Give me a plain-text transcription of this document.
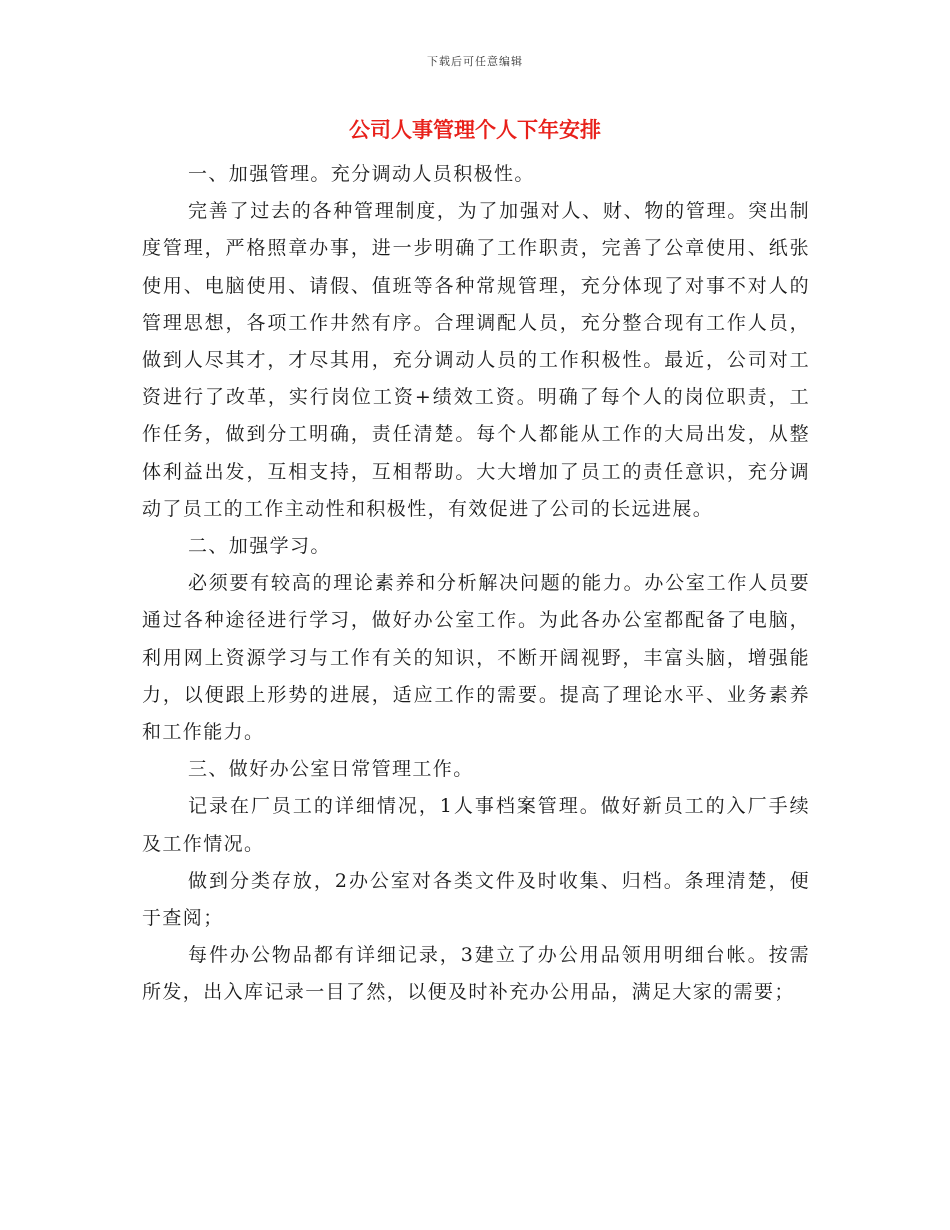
下载后可任意编辑
公司人事管理个人下年安排

一、加强管理。充分调动人员积极性。

完善了过去的各种管理制度，为了加强对人、财、物的管理。突出制度管理，严格照章办事，进一步明确了工作职责，完善了公章使用、纸张使用、电脑使用、请假、值班等各种常规管理，充分体现了对事不对人的管理思想，各项工作井然有序。合理调配人员，充分整合现有工作人员，做到人尽其才，才尽其用，充分调动人员的工作积极性。最近，公司对工资进行了改革，实行岗位工资+绩效工资。明确了每个人的岗位职责，工作任务，做到分工明确，责任清楚。每个人都能从工作的大局出发，从整体利益出发，互相支持，互相帮助。大大增加了员工的责任意识，充分调动了员工的工作主动性和积极性，有效促进了公司的长远进展。

二、加强学习。

必须要有较高的理论素养和分析解决问题的能力。办公室工作人员要通过各种途径进行学习，做好办公室工作。为此各办公室都配备了电脑，利用网上资源学习与工作有关的知识，不断开阔视野，丰富头脑，增强能力，以便跟上形势的进展，适应工作的需要。提高了理论水平、业务素养和工作能力。

三、做好办公室日常管理工作。

记录在厂员工的详细情况，1人事档案管理。做好新员工的入厂手续及工作情况。

做到分类存放，2办公室对各类文件及时收集、归档。条理清楚，便于查阅；

每件办公物品都有详细记录，3建立了办公用品领用明细台帐。按需所发，出入库记录一目了然，以便及时补充办公用品，满足大家的需要；
